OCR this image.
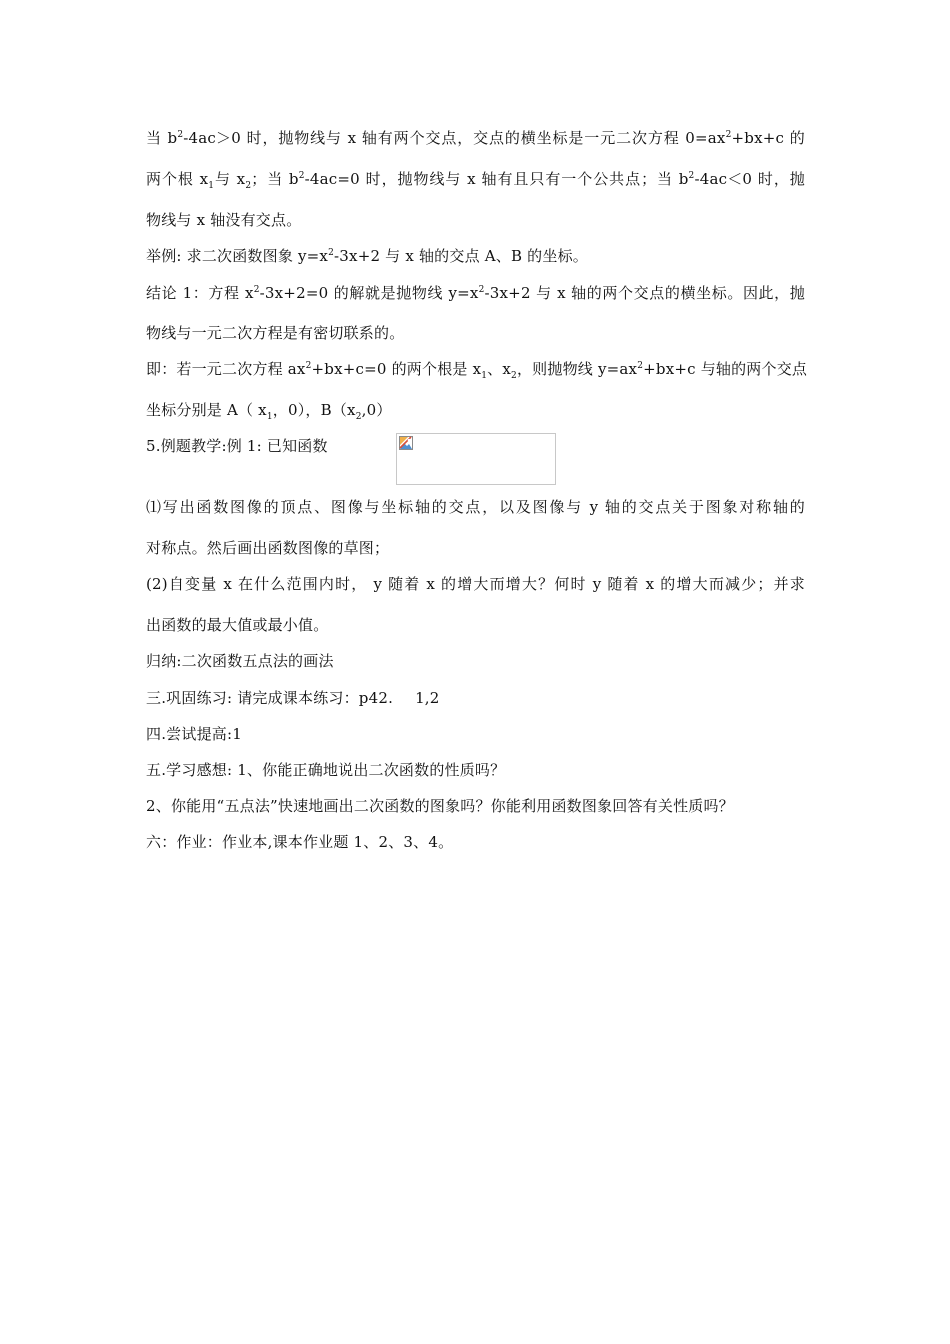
当 $b^2-4ac>0$ 时，抛物线与 x 轴有两个交点，交点的横坐标是一元二次方程 $0=ax^2+bx+c$ 的
两个根 $x_1$与 $x_2$；当 $b^2-4ac=0$ 时，抛物线与 x 轴有且只有一个公共点；当 $b^2-4ac<0$ 时，抛
物线与 x 轴没有交点。
举例: 求二次函数图象 $y=x^2-3x+2$ 与 x 轴的交点 A、B 的坐标。
结论 1：方程 $x^2-3x+2=0$ 的解就是抛物线 $y=x^2-3x+2$ 与 x 轴的两个交点的横坐标。因此，抛
物线与一元二次方程是有密切联系的。
即：若一元二次方程 $ax^2+bx+c=0$ 的两个根是 $x_1$、$x_2$，则抛物线 $y=ax^2+bx+c$ 与轴的两个交点
坐标分别是 A（ $x_1$，0），$B(x_2,0)$
5.例题教学:例 1: 已知函数
⑴写出函数图像的顶点、图像与坐标轴的交点，以及图像与 y 轴的交点关于图象对称轴的
对称点。然后画出函数图像的草图；
(2)自变量 x 在什么范围内时， y 随着 x 的增大而增大？何时 y 随着 x 的增大而减少；并求
出函数的最大值或最小值。
归纳:二次函数五点法的画法
三.巩固练习: 请完成课本练习：p42. 1,2
四.尝试提高:1
五.学习感想: 1、你能正确地说出二次函数的性质吗？
2、你能用“五点法”快速地画出二次函数的图象吗？你能利用函数图象回答有关性质吗？
六：作业：作业本,课本作业题 1、2、3、4。
